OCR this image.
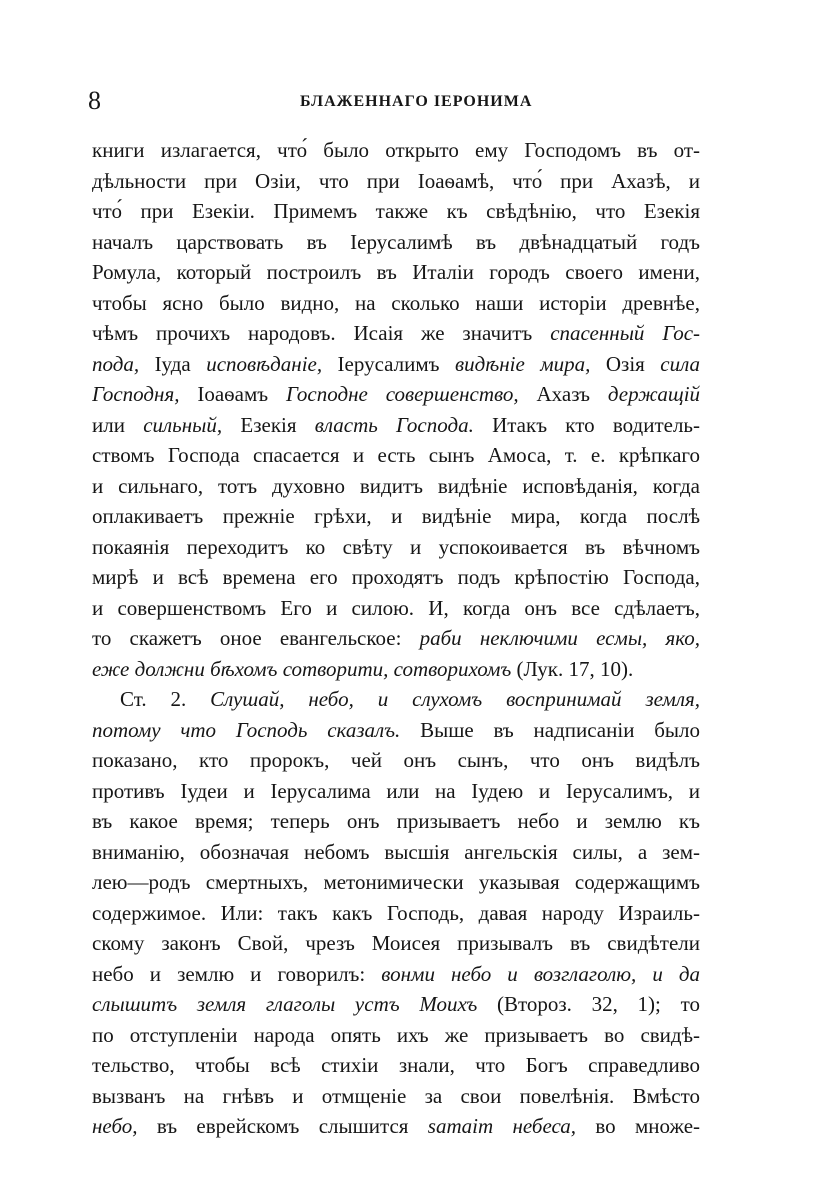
8	БЛАЖЕННАГО ІЕРОНИМА
книги излагается, что́ было открыто ему Господомъ въ от-
дѣльности при Озіи, что при Іоаѳамѣ, что́ при Ахазѣ, и
что́ при Езекіи. Примемъ также къ свѣдѣнію, что Езекія
началъ царствовать въ Іерусалимѣ въ двѣнадцатый годъ
Ромула, который построилъ въ Италіи городъ своего имени,
чтобы ясно было видно, на сколько наши исторіи древнѣе,
чѣмъ прочихъ народовъ. Исаія же значитъ спасенный Гос-
пода, Іуда исповѣданіе, Іерусалимъ видѣніе мира, Озія сила
Господня, Іоаѳамъ Господне совершенство, Ахазъ держащій
или сильный, Езекія власть Господа. Итакъ кто водитель-
ствомъ Господа спасается и есть сынъ Амоса, т. е. крѣпкаго
и сильнаго, тотъ духовно видитъ видѣніе исповѣданія, когда
оплакиваетъ прежніе грѣхи, и видѣніе мира, когда послѣ
покаянія переходитъ ко свѣту и успокоивается въ вѣчномъ
мирѣ и всѣ времена его проходятъ подъ крѣпостію Господа,
и совершенствомъ Его и силою. И, когда онъ все сдѣлаетъ,
то скажетъ оное евангельское: раби неключими есмы, яко,
еже должни бѣхомъ сотворити, сотворихомъ (Лук. 17, 10).
Ст. 2. Слушай, небо, и слухомъ воспринимай земля,
потому что Господь сказалъ. Выше въ надписаніи было
показано, кто пророкъ, чей онъ сынъ, что онъ видѣлъ
противъ Іудеи и Іерусалима или на Іудею и Іерусалимъ, и
въ какое время; теперь онъ призываетъ небо и землю къ
вниманію, обозначая небомъ высшія ангельскія силы, а зем-
лею—родъ смертныхъ, метонимически указывая содержащимъ
содержимое. Или: такъ какъ Господь, давая народу Израиль-
скому законъ Свой, чрезъ Моисея призывалъ въ свидѣтели
небо и землю и говорилъ: вонми небо и возглаголю, и да
слышитъ земля глаголы устъ Моихъ (Второз. 32, 1); то
по отступленіи народа опять ихъ же призываетъ во свидѣ-
тельство, чтобы всѣ стихіи знали, что Богъ справедливо
вызванъ на гнѣвъ и отмщеніе за свои повелѣнія. Вмѣсто
небо, въ еврейскомъ слышится samaim небеса, во множе-
